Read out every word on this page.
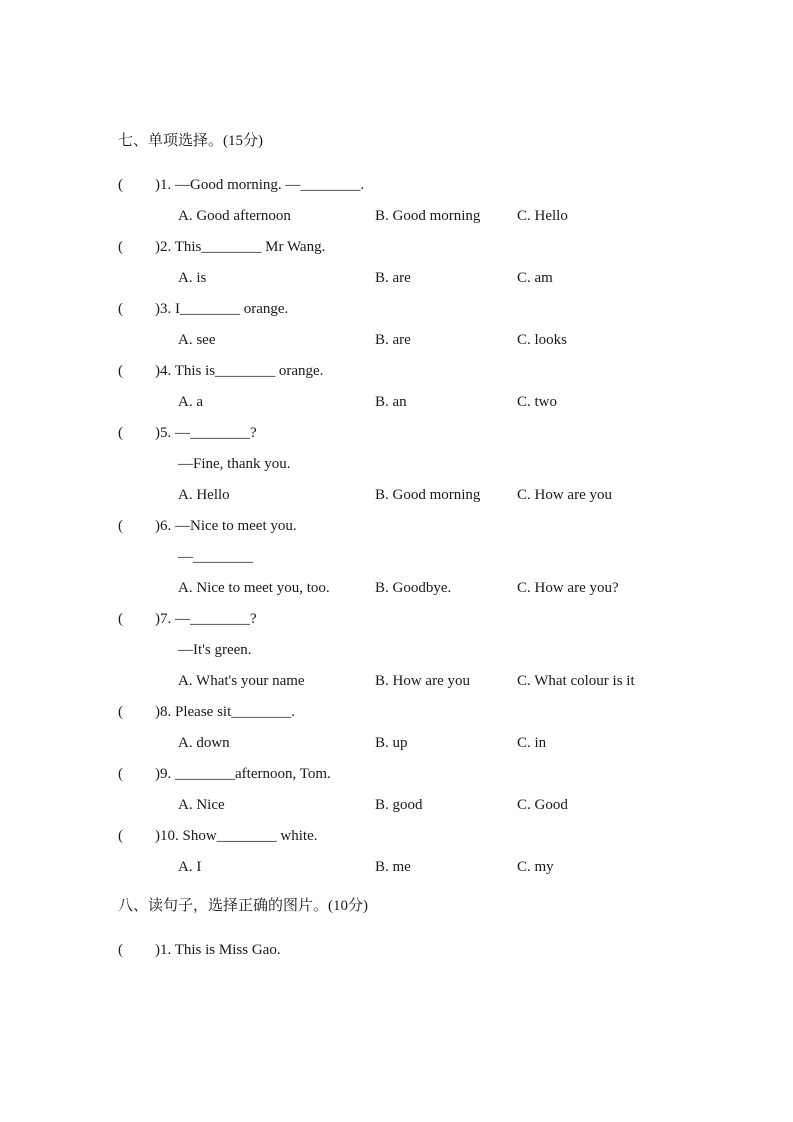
七、单项选择。(15分)
( )1. —Good morning. —________.
A. Good afternoon	B. Good morning	C. Hello
( )2. This________ Mr Wang.
A. is	B. are	C. am
( )3. I________ orange.
A. see	B. are	C. looks
( )4. This is________ orange.
A. a	B. an	C. two
( )5. —________?
—Fine, thank you.
A. Hello	B. Good morning	C. How are you
( )6. —Nice to meet you.
—________
A. Nice to meet you, too.	B. Goodbye.	C. How are you?
( )7. —________?
—It's green.
A. What's your name	B. How are you	C. What colour is it
( )8. Please sit________.
A. down	B. up	C. in
( )9. ________afternoon, Tom.
A. Nice	B. good	C. Good
( )10. Show________ white.
A. I	B. me	C. my
八、读句子，选择正确的图片。(10分)
( )1. This is Miss Gao.
